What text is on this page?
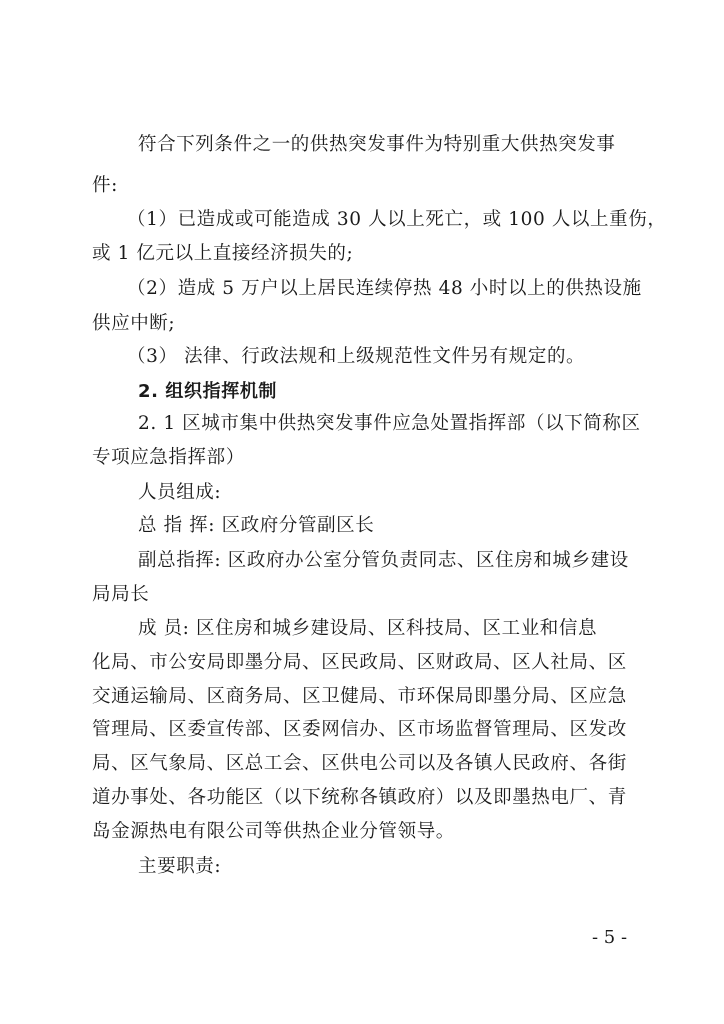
符合下列条件之一的供热突发事件为特别重大供热突发事
件:
（1）已造成或可能造成 30 人以上死亡，或 100 人以上重伤，
或 1 亿元以上直接经济损失的;
（2）造成 5 万户以上居民连续停热 48 小时以上的供热设施
供应中断;
（3） 法律、行政法规和上级规范性文件另有规定的。
2. 组织指挥机制
2. 1 区城市集中供热突发事件应急处置指挥部（以下简称区
专项应急指挥部）
人员组成:
总 指 挥: 区政府分管副区长
副总指挥: 区政府办公室分管负责同志、区住房和城乡建设
局局长
成 员: 区住房和城乡建设局、区科技局、区工业和信息
化局、市公安局即墨分局、区民政局、区财政局、区人社局、区
交通运输局、区商务局、区卫健局、市环保局即墨分局、区应急
管理局、区委宣传部、区委网信办、区市场监督管理局、区发改
局、区气象局、区总工会、区供电公司以及各镇人民政府、各街
道办事处、各功能区（以下统称各镇政府）以及即墨热电厂、青
岛金源热电有限公司等供热企业分管领导。
主要职责:
- 5 -
